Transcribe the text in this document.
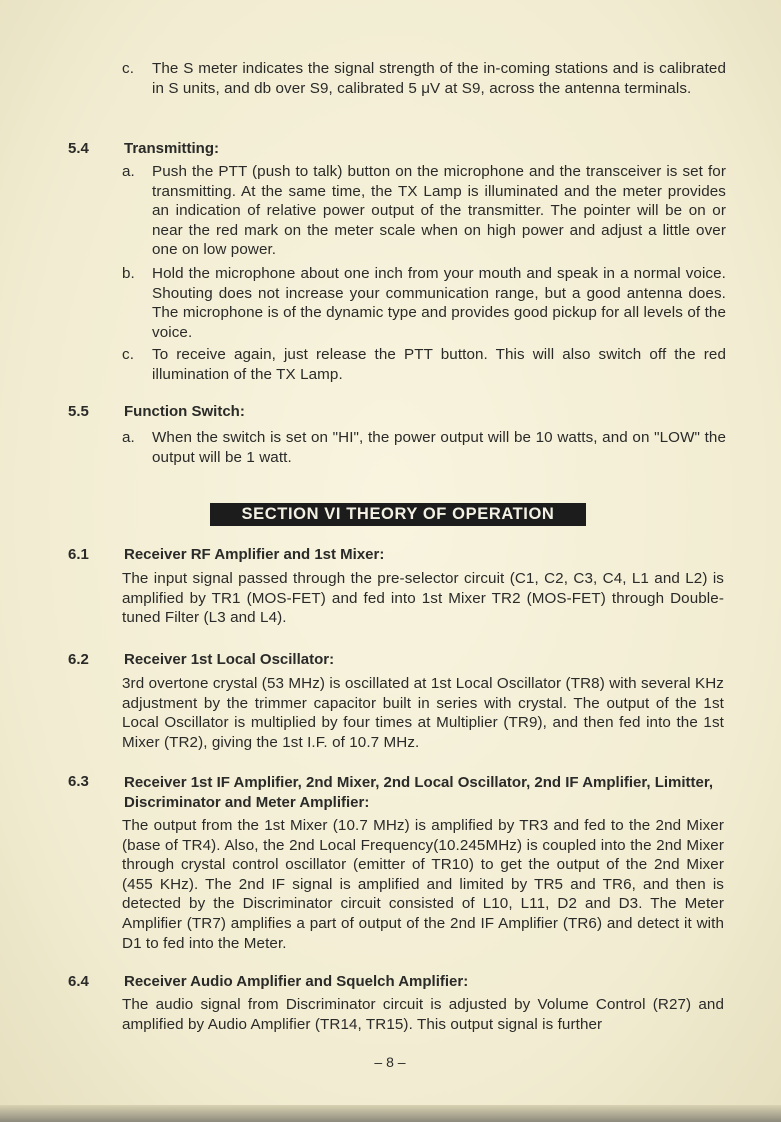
c.	The S meter indicates the signal strength of the in-coming stations and is calibrated in S units, and db over S9, calibrated 5 μV at S9, across the antenna terminals.
5.4 Transmitting:
a.	Push the PTT (push to talk) button on the microphone and the transceiver is set for transmitting. At the same time, the TX Lamp is illuminated and the meter provides an indication of relative power output of the transmitter. The pointer will be on or near the red mark on the meter scale when on high power and adjust a little over one on low power.
b.	Hold the microphone about one inch from your mouth and speak in a normal voice. Shouting does not increase your communication range, but a good antenna does. The microphone is of the dynamic type and provides good pickup for all levels of the voice.
c.	To receive again, just release the PTT button. This will also switch off the red illumination of the TX Lamp.
5.5 Function Switch:
a.	When the switch is set on "HI", the power output will be 10 watts, and on "LOW" the output will be 1 watt.
SECTION VI THEORY OF OPERATION
6.1 Receiver RF Amplifier and 1st Mixer:
The input signal passed through the pre-selector circuit (C1, C2, C3, C4, L1 and L2) is amplified by TR1 (MOS-FET) and fed into 1st Mixer TR2 (MOS-FET) through Double-tuned Filter (L3 and L4).
6.2 Receiver 1st Local Oscillator:
3rd overtone crystal (53 MHz) is oscillated at 1st Local Oscillator (TR8) with several KHz adjustment by the trimmer capacitor built in series with crystal. The output of the 1st Local Oscillator is multiplied by four times at Multiplier (TR9), and then fed into the 1st Mixer (TR2), giving the 1st I.F. of 10.7 MHz.
6.3 Receiver 1st IF Amplifier, 2nd Mixer, 2nd Local Oscillator, 2nd IF Amplifier, Limitter, Discriminator and Meter Amplifier:
The output from the 1st Mixer (10.7 MHz) is amplified by TR3 and fed to the 2nd Mixer (base of TR4). Also, the 2nd Local Frequency(10.245MHz) is coupled into the 2nd Mixer through crystal control oscillator (emitter of TR10) to get the output of the 2nd Mixer (455 KHz). The 2nd IF signal is amplified and limited by TR5 and TR6, and then is detected by the Discriminator circuit consisted of L10, L11, D2 and D3. The Meter Amplifier (TR7) amplifies a part of output of the 2nd IF Amplifier (TR6) and detect it with D1 to fed into the Meter.
6.4 Receiver Audio Amplifier and Squelch Amplifier:
The audio signal from Discriminator circuit is adjusted by Volume Control (R27) and amplified by Audio Amplifier (TR14, TR15). This output signal is further
– 8 –
